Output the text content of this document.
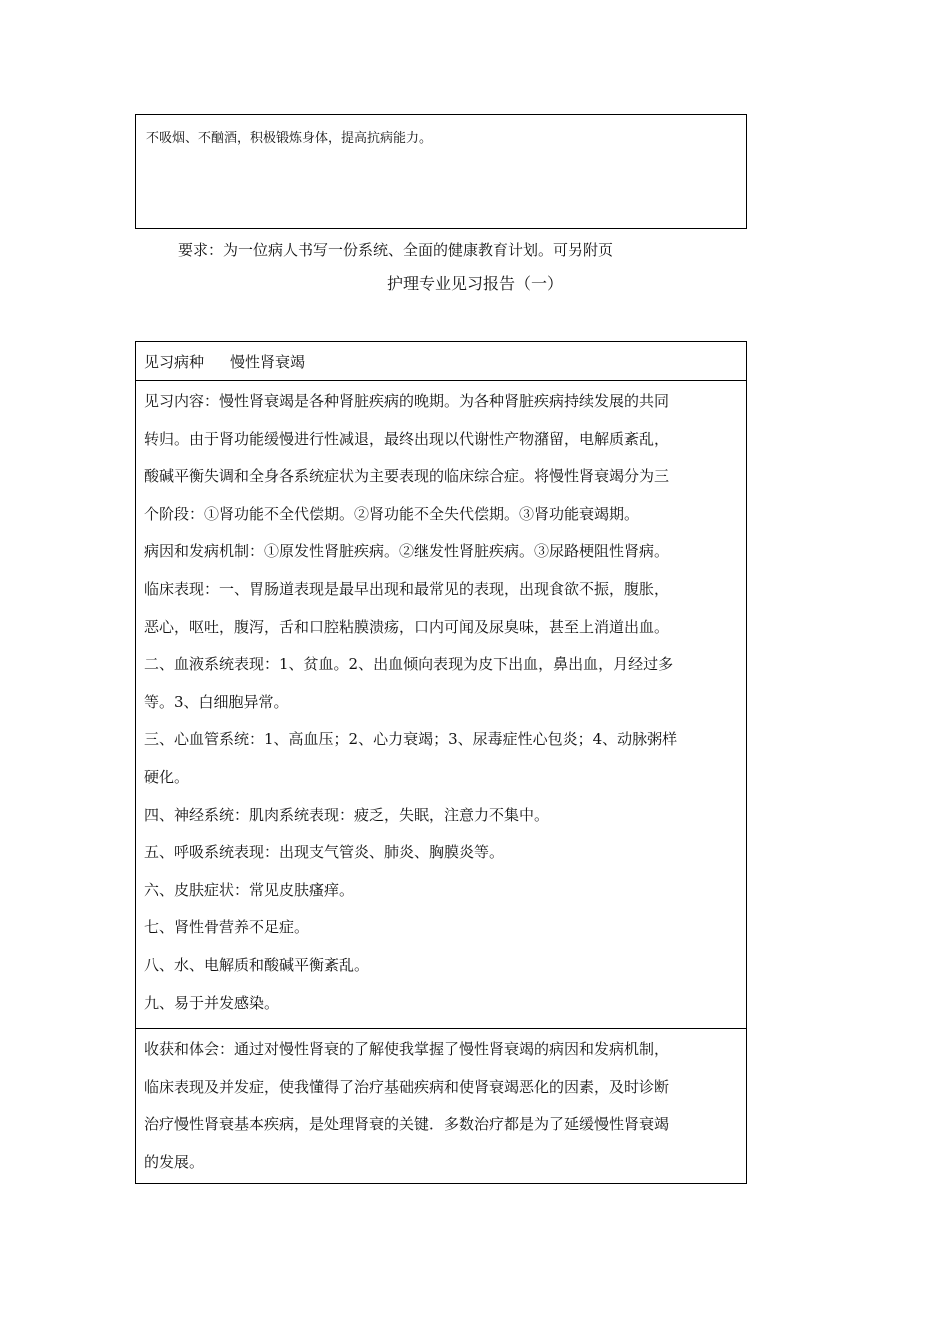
不吸烟、不酗酒，积极锻炼身体，提高抗病能力。
要求：为一位病人书写一份系统、全面的健康教育计划。可另附页
护理专业见习报告（一）
见习病种 慢性肾衰竭

见习内容：慢性肾衰竭是各种肾脏疾病的晚期。为各种肾脏疾病持续发展的共同

转归。由于肾功能缓慢进行性减退，最终出现以代谢性产物潴留，电解质紊乱，

酸碱平衡失调和全身各系统症状为主要表现的临床综合症。将慢性肾衰竭分为三

个阶段：①肾功能不全代偿期。②肾功能不全失代偿期。③肾功能衰竭期。

病因和发病机制：①原发性肾脏疾病。②继发性肾脏疾病。③尿路梗阻性肾病。

临床表现：一、胃肠道表现是最早出现和最常见的表现，出现食欲不振，腹胀，

恶心，呕吐，腹泻，舌和口腔粘膜溃疡，口内可闻及尿臭味，甚至上消道出血。

二、血液系统表现：1、贫血。2、出血倾向表现为皮下出血，鼻出血，月经过多

等。3、白细胞异常。

三、心血管系统：1、高血压；2、心力衰竭；3、尿毒症性心包炎；4、动脉粥样

硬化。

四、神经系统：肌肉系统表现：疲乏，失眠，注意力不集中。

五、呼吸系统表现：出现支气管炎、肺炎、胸膜炎等。

六、皮肤症状：常见皮肤瘙痒。

七、肾性骨营养不足症。

八、水、电解质和酸碱平衡紊乱。

九、易于并发感染。

收获和体会：通过对慢性肾衰的了解使我掌握了慢性肾衰竭的病因和发病机制，

临床表现及并发症，使我懂得了治疗基础疾病和使肾衰竭恶化的因素，及时诊断

治疗慢性肾衰基本疾病，是处理肾衰的关键．多数治疗都是为了延缓慢性肾衰竭

的发展。
